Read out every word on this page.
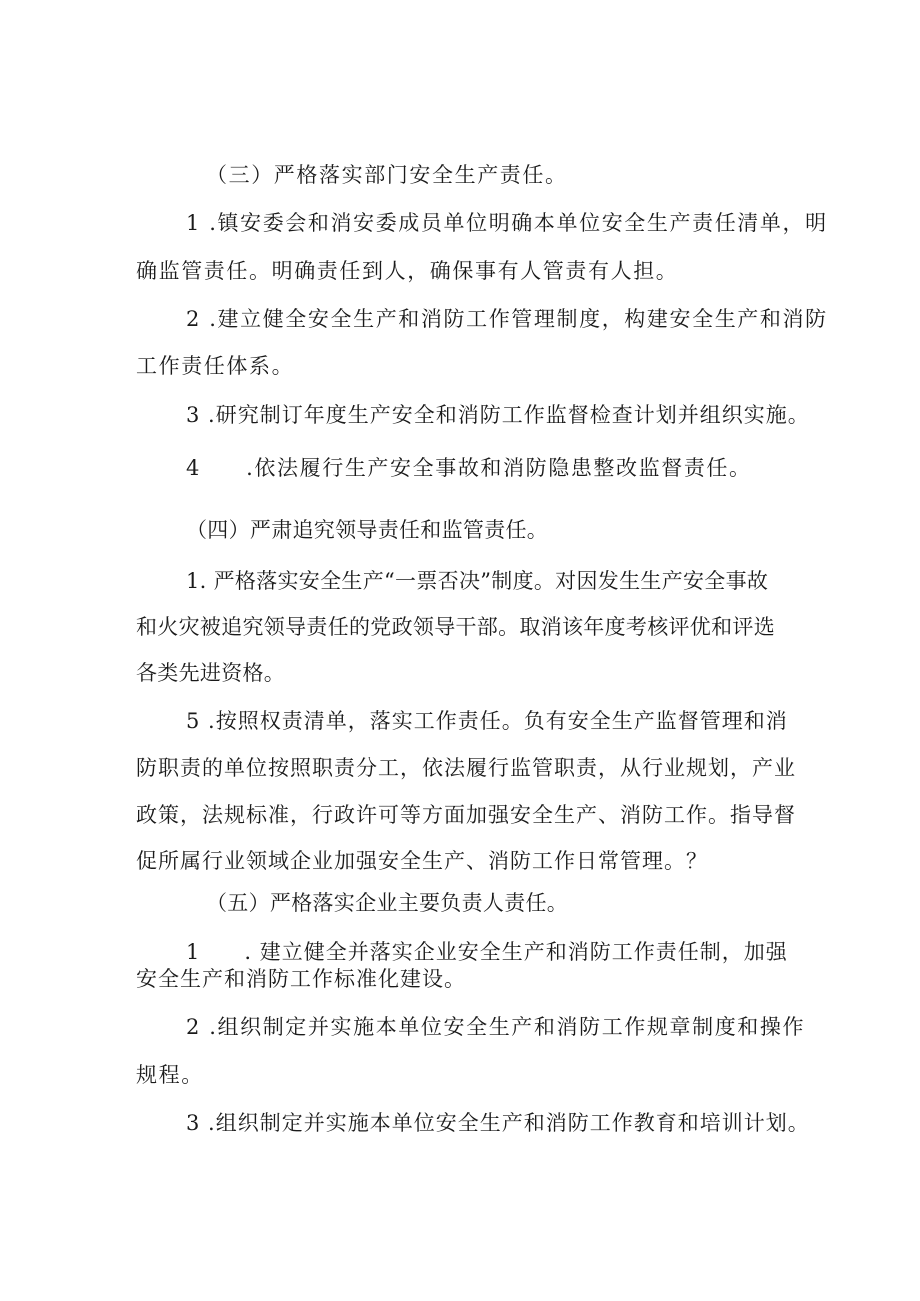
（三）严格落实部门安全生产责任。
1 .镇安委会和消安委成员单位明确本单位安全生产责任清单，明
确监管责任。明确责任到人，确保事有人管责有人担。
2 .建立健全安全生产和消防工作管理制度，构建安全生产和消防
工作责任体系。
3 .研究制订年度生产安全和消防工作监督检查计划并组织实施。
4　　.依法履行生产安全事故和消防隐患整改监督责任。
（四）严肃追究领导责任和监管责任。
1. 严格落实安全生产“一票否决”制度。对因发生生产安全事故
和火灾被追究领导责任的党政领导干部。取消该年度考核评优和评选
各类先进资格。
5 .按照权责清单，落实工作责任。负有安全生产监督管理和消
防职责的单位按照职责分工，依法履行监管职责，从行业规划，产业
政策，法规标准，行政许可等方面加强安全生产、消防工作。指导督
促所属行业领域企业加强安全生产、消防工作日常管理。？
（五）严格落实企业主要负责人责任。
1　　. 建立健全并落实企业安全生产和消防工作责任制，加强
安全生产和消防工作标准化建设。
2 .组织制定并实施本单位安全生产和消防工作规章制度和操作
规程。
3 .组织制定并实施本单位安全生产和消防工作教育和培训计划。
